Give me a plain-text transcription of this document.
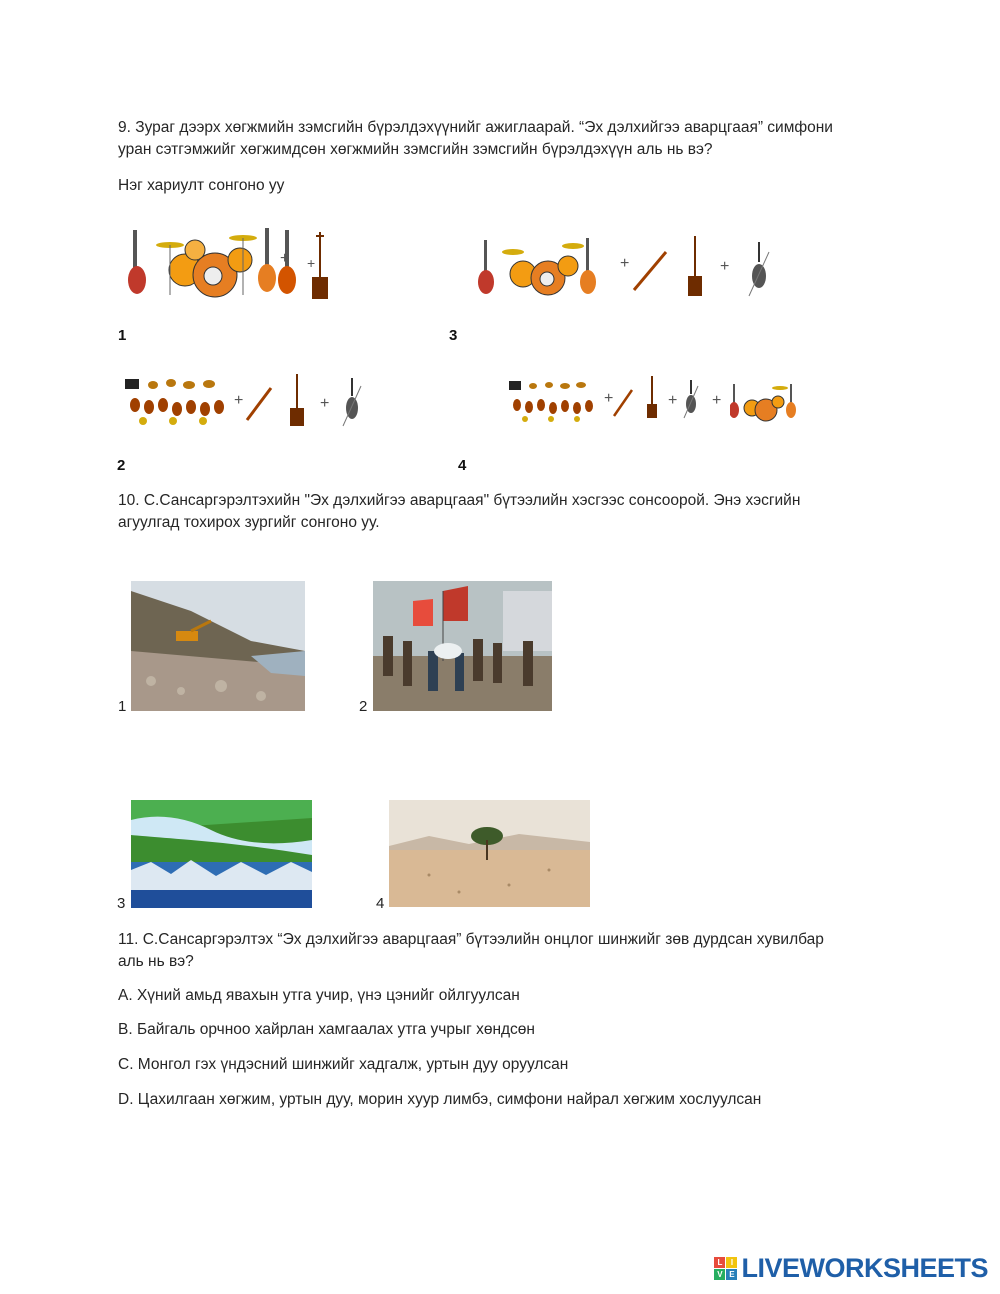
9. Зураг дээрх хөгжмийн зэмсгийн бүрэлдэхүүнийг ажиглаарай. “Эх дэлхийгээ аварцгаая” симфони
уран сэтгэмжийг хөгжимдсөн хөгжмийн зэмсгийн зэмсгийн бүрэлдэхүүн аль нь вэ?
Нэг хариулт сонгоно уу
+
+
1
+	+
3
+	+
2
+	+ +
4
10. С.Сансаргэрэлтэхийн "Эх дэлхийгээ аварцгаая" бүтээлийн хэсгээс сонсоорой. Энэ хэсгийн
агуулгад тохирох зургийг сонгоно уу.
1	2
3	4
11. С.Сансаргэрэлтэх “Эх дэлхийгээ аварцгаая” бүтээлийн онцлог шинжийг зөв дурдсан хувилбар
аль нь вэ?
A. Хүний амьд явахын утга учир, үнэ цэнийг ойлгуулсан
B. Байгаль орчноо хайрлан хамгаалах утга учрыг хөндсөн
C. Монгол гэх үндэсний шинжийг хадгалж, уртын дуу оруулсан
D. Цахилгаан хөгжим, уртын дуу, морин хуур лимбэ, симфони найрал хөгжим хослуулсан
L	I
V E LIVEWORKSHEETS
